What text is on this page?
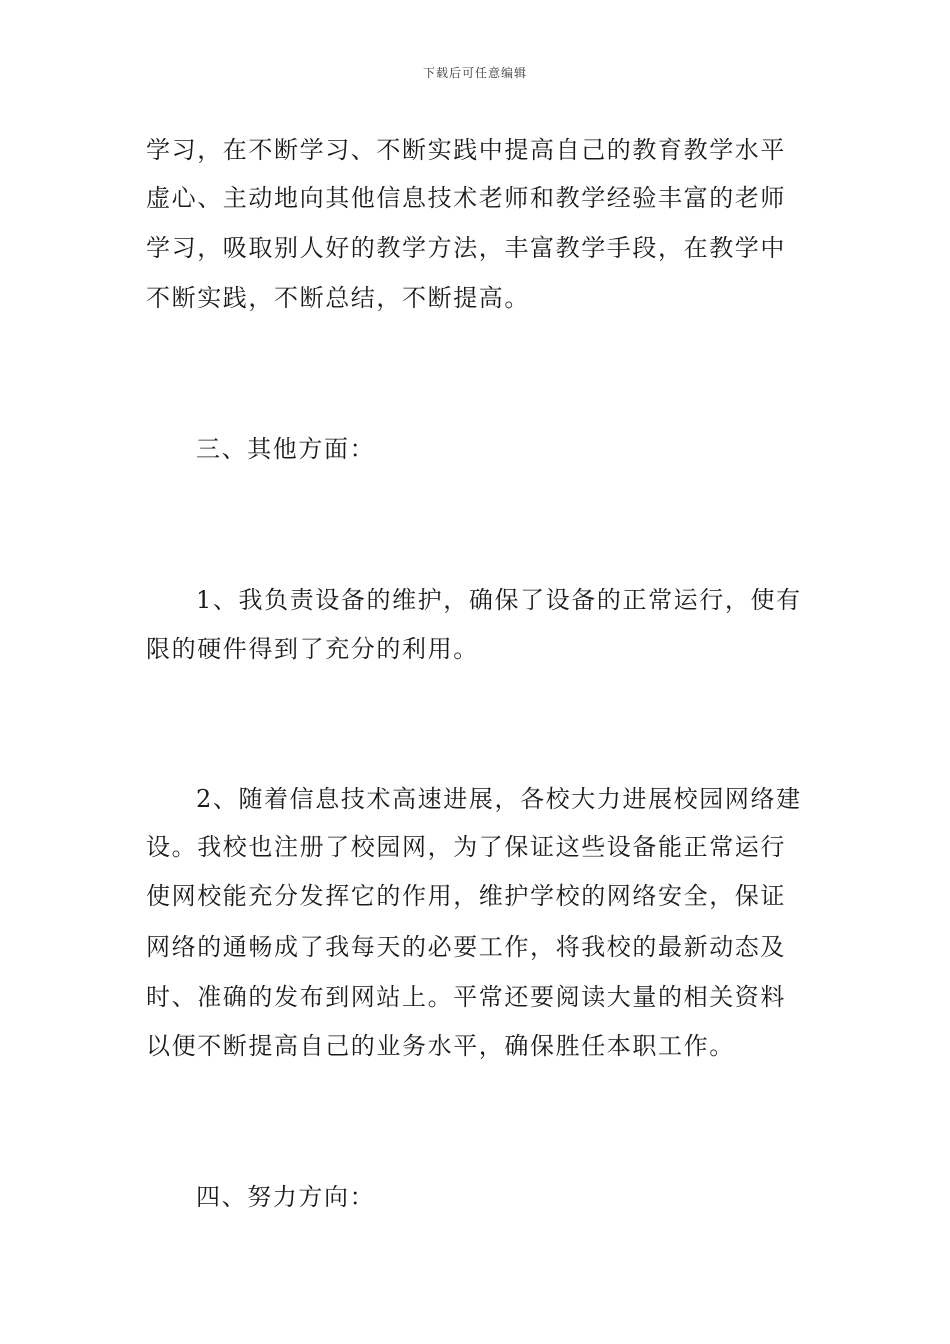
下载后可任意编辑
学习，在不断学习、不断实践中提高自己的教育教学水平
虚心、主动地向其他信息技术老师和教学经验丰富的老师
学习，吸取别人好的教学方法，丰富教学手段，在教学中
不断实践，不断总结，不断提高。
三、其他方面：
1、我负责设备的维护，确保了设备的正常运行，使有
限的硬件得到了充分的利用。
2、随着信息技术高速进展，各校大力进展校园网络建
设。我校也注册了校园网，为了保证这些设备能正常运行
使网校能充分发挥它的作用，维护学校的网络安全，保证
网络的通畅成了我每天的必要工作，将我校的最新动态及
时、准确的发布到网站上。平常还要阅读大量的相关资料
以便不断提高自己的业务水平，确保胜任本职工作。
四、努力方向：
